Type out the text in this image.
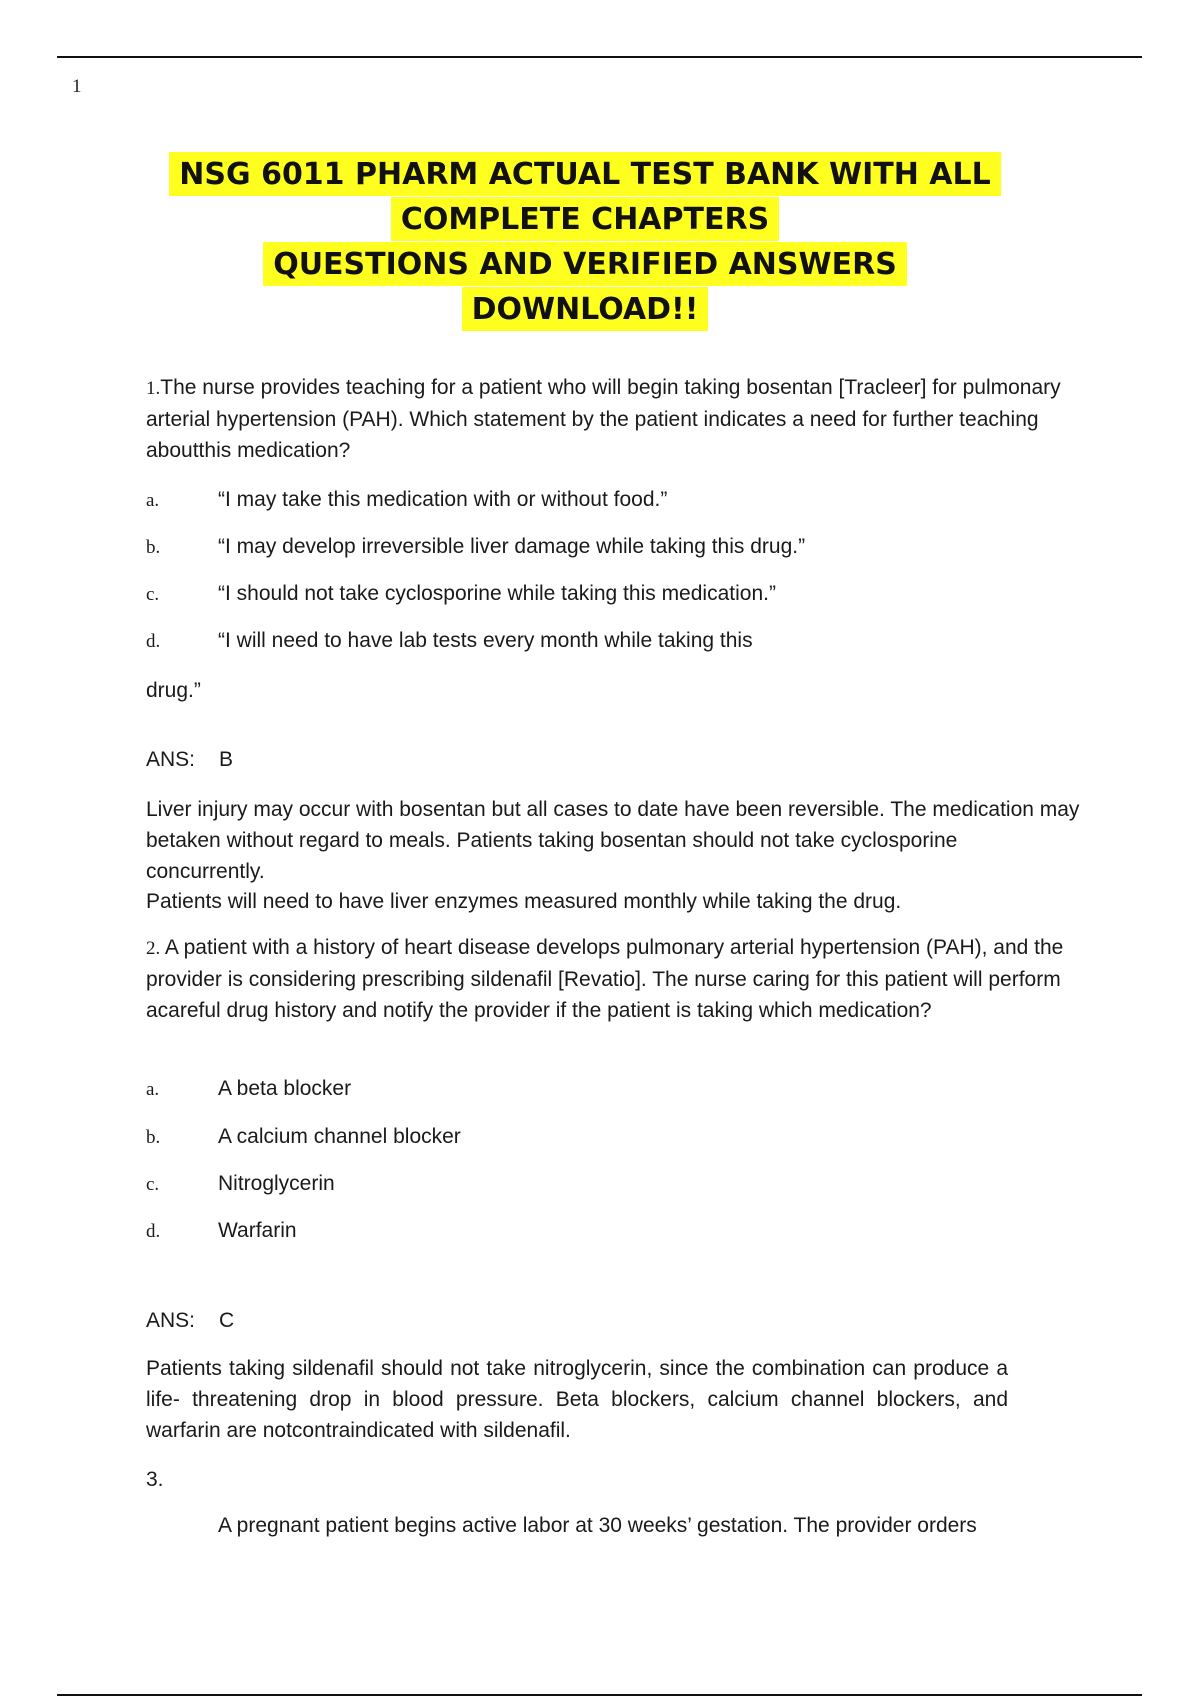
1
NSG 6011 PHARM ACTUAL TEST BANK WITH ALL
COMPLETE CHAPTERS
QUESTIONS AND VERIFIED ANSWERS
DOWNLOAD!!

1.The nurse provides teaching for a patient who will begin taking bosentan [Tracleer] for pulmonary arterial hypertension (PAH). Which statement by the patient indicates a need for further teaching aboutthis medication?

a.	“I may take this medication with or without food.”
b.	“I may develop irreversible liver damage while taking this drug.”
c.	“I should not take cyclosporine while taking this medication.”
d.	“I will need to have lab tests every month while taking this
drug.”
ANS: B

Liver injury may occur with bosentan but all cases to date have been reversible. The medication may betaken without regard to meals. Patients taking bosentan should not take cyclosporine concurrently.

Patients will need to have liver enzymes measured monthly while taking the drug.

2. A patient with a history of heart disease develops pulmonary arterial hypertension (PAH), and the provider is considering prescribing sildenafil [Revatio]. The nurse caring for this patient will perform acareful drug history and notify the provider if the patient is taking which medication?

a.	A beta blocker
b.	A calcium channel blocker
c.	Nitroglycerin
d.	Warfarin
ANS: C

Patients taking sildenafil should not take nitroglycerin, since the combination can produce a life- threatening drop in blood pressure. Beta blockers, calcium channel blockers, and warfarin are notcontraindicated with sildenafil.

3.
A pregnant patient begins active labor at 30 weeks’ gestation. The provider orders
